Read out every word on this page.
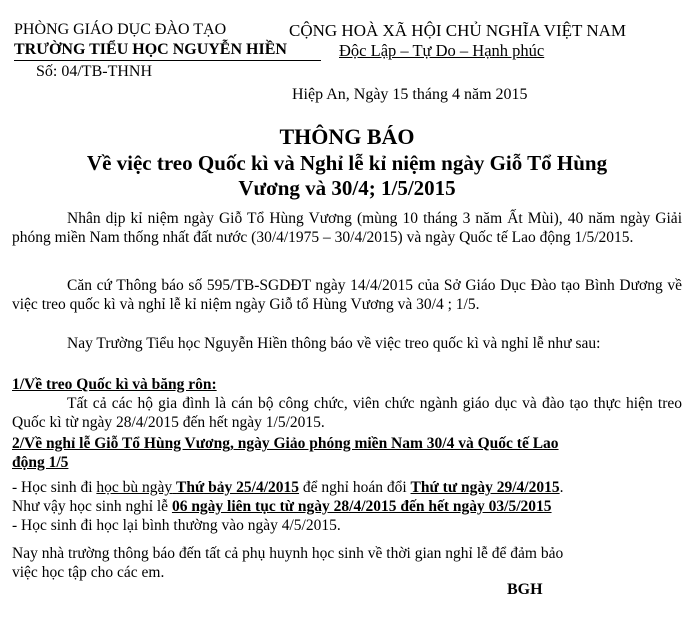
PHÒNG GIÁO DỤC ĐÀO TẠO
TRƯỜNG TIỂU HỌC NGUYỄN HIỀN
Số: 04/TB-THNH
CỘNG HOÀ XÃ HỘI CHỦ NGHĨA VIỆT NAM
Độc Lập – Tự Do – Hạnh phúc
Hiệp An, Ngày 15 tháng 4 năm 2015
THÔNG BÁO
Về việc treo Quốc kì và Nghỉ lễ kỉ niệm ngày Giỗ Tổ Hùng
Vương và 30/4; 1/5/2015
Nhân dịp kỉ niệm ngày Giỗ Tổ Hùng Vương (mùng 10 tháng 3 năm Ất Mùi), 40 năm ngày Giải phóng miền Nam thống nhất đất nước (30/4/1975 – 30/4/2015) và ngày Quốc tế Lao động 1/5/2015.
Căn cứ Thông báo số 595/TB-SGDĐT ngày 14/4/2015 của Sở Giáo Dục Đào tạo Bình Dương về việc treo quốc kì và nghỉ lễ kỉ niệm ngày Giỗ tổ Hùng Vương và 30/4 ; 1/5.
Nay Trường Tiểu học Nguyễn Hiền thông báo về việc treo quốc kì và nghỉ lễ như sau:
1/Về treo Quốc kì và băng rôn:
Tất cả các hộ gia đình là cán bộ công chức, viên chức ngành giáo dục và đào tạo thực hiện treo Quốc kì từ ngày 28/4/2015 đến hết ngày 1/5/2015.
2/Về nghỉ lễ Giỗ Tổ Hùng Vương, ngày Giảo phóng miền Nam 30/4 và Quốc tế Lao
động 1/5
- Học sinh đi học bù ngày Thứ bảy 25/4/2015 để nghỉ hoán đổi Thứ tư ngày 29/4/2015.
Như vậy học sinh nghỉ lễ 06 ngày liên tục từ ngày 28/4/2015 đến hết ngày 03/5/2015
- Học sinh đi học lại bình thường vào ngày 4/5/2015.
Nay nhà trường thông báo đến tất cả phụ huynh học sinh về thời gian nghỉ lễ để đảm bảo
việc học tập cho các em.
BGH
